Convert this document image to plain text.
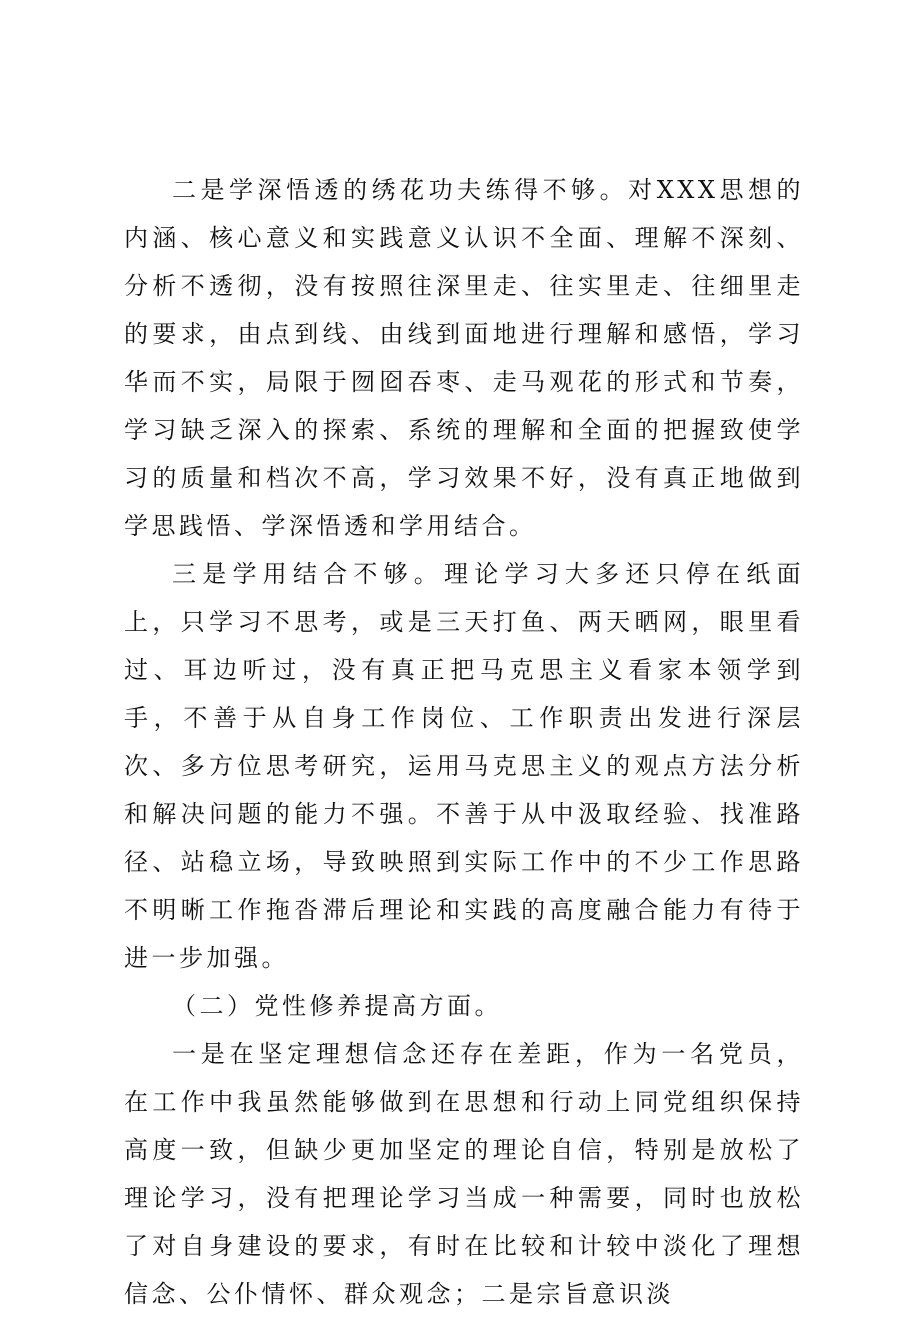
二是学深悟透的绣花功夫练得不够。对XXX思想的内涵、核心意义和实践意义认识不全面、理解不深刻、分析不透彻，没有按照往深里走、往实里走、往细里走的要求，由点到线、由线到面地进行理解和感悟，学习华而不实，局限于囫囵吞枣、走马观花的形式和节奏，学习缺乏深入的探索、系统的理解和全面的把握致使学习的质量和档次不高，学习效果不好，没有真正地做到学思践悟、学深悟透和学用结合。

三是学用结合不够。理论学习大多还只停在纸面上，只学习不思考，或是三天打鱼、两天晒网，眼里看过、耳边听过，没有真正把马克思主义看家本领学到手，不善于从自身工作岗位、工作职责出发进行深层次、多方位思考研究，运用马克思主义的观点方法分析和解决问题的能力不强。不善于从中汲取经验、找准路径、站稳立场，导致映照到实际工作中的不少工作思路不明晰工作拖沓滞后理论和实践的高度融合能力有待于进一步加强。

（二）党性修养提高方面。

一是在坚定理想信念还存在差距，作为一名党员，在工作中我虽然能够做到在思想和行动上同党组织保持高度一致，但缺少更加坚定的理论自信，特别是放松了理论学习，没有把理论学习当成一种需要，同时也放松了对自身建设的要求，有时在比较和计较中淡化了理想信念、公仆情怀、群众观念；二是宗旨意识淡
